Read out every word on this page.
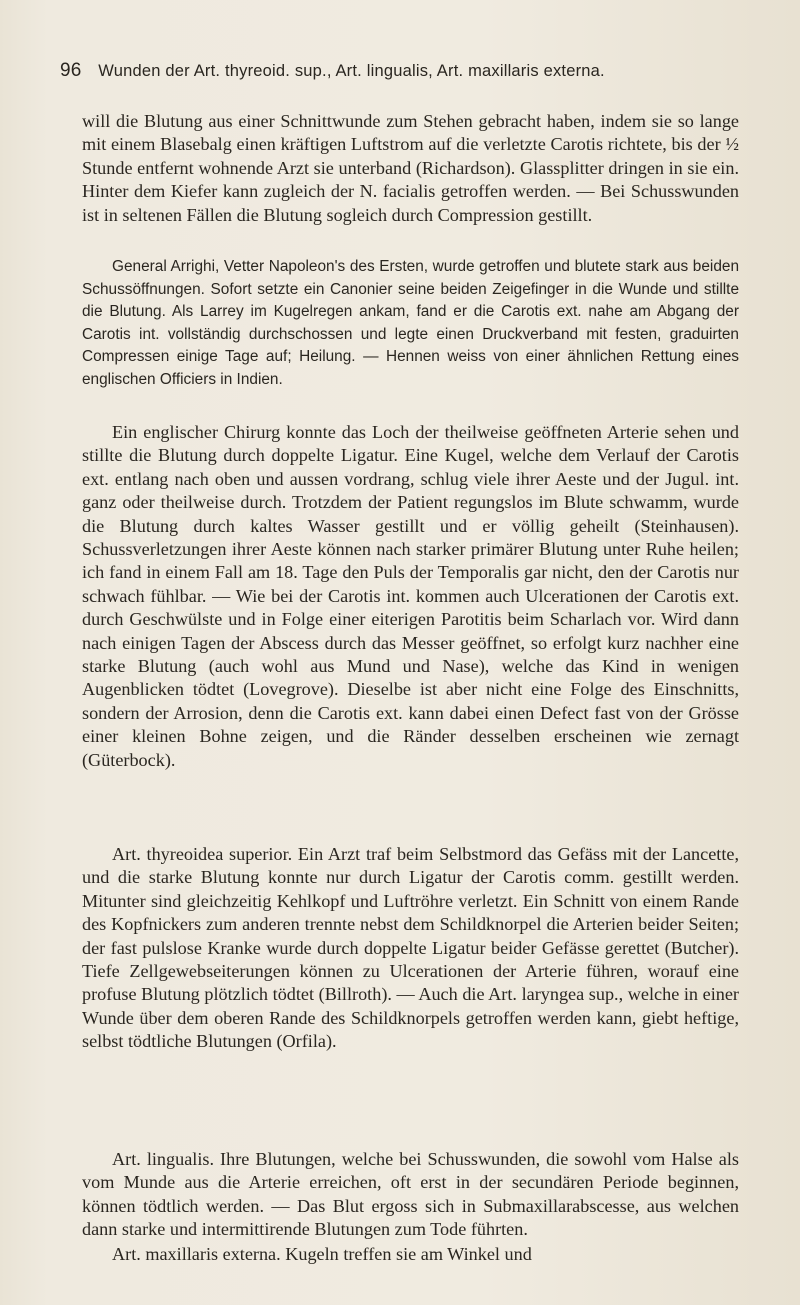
96 Wunden der Art. thyreoid. sup., Art. lingualis, Art. maxillaris externa.

will die Blutung aus einer Schnittwunde zum Stehen gebracht haben, indem sie so lange mit einem Blasebalg einen kräftigen Luftstrom auf die verletzte Carotis richtete, bis der ½ Stunde entfernt wohnende Arzt sie unterband (Richardson). Glassplitter dringen in sie ein. Hinter dem Kiefer kann zugleich der N. facialis getroffen werden. — Bei Schusswunden ist in seltenen Fällen die Blutung sogleich durch Compression gestillt.

General Arrighi, Vetter Napoleon's des Ersten, wurde getroffen und blutete stark aus beiden Schussöffnungen. Sofort setzte ein Canonier seine beiden Zeigefinger in die Wunde und stillte die Blutung. Als Larrey im Kugelregen ankam, fand er die Carotis ext. nahe am Abgang der Carotis int. vollständig durchschossen und legte einen Druckverband mit festen, graduirten Compressen einige Tage auf; Heilung. — Hennen weiss von einer ähnlichen Rettung eines englischen Officiers in Indien.

Ein englischer Chirurg konnte das Loch der theilweise geöffneten Arterie sehen und stillte die Blutung durch doppelte Ligatur. Eine Kugel, welche dem Verlauf der Carotis ext. entlang nach oben und aussen vordrang, schlug viele ihrer Aeste und der Jugul. int. ganz oder theilweise durch. Trotzdem der Patient regungslos im Blute schwamm, wurde die Blutung durch kaltes Wasser gestillt und er völlig geheilt (Steinhausen). Schussverletzungen ihrer Aeste können nach starker primärer Blutung unter Ruhe heilen; ich fand in einem Fall am 18. Tage den Puls der Temporalis gar nicht, den der Carotis nur schwach fühlbar. — Wie bei der Carotis int. kommen auch Ulcerationen der Carotis ext. durch Geschwülste und in Folge einer eiterigen Parotitis beim Scharlach vor. Wird dann nach einigen Tagen der Abscess durch das Messer geöffnet, so erfolgt kurz nachher eine starke Blutung (auch wohl aus Mund und Nase), welche das Kind in wenigen Augenblicken tödtet (Lovegrove). Dieselbe ist aber nicht eine Folge des Einschnitts, sondern der Arrosion, denn die Carotis ext. kann dabei einen Defect fast von der Grösse einer kleinen Bohne zeigen, und die Ränder desselben erscheinen wie zernagt (Güterbock).

Art. thyreoidea superior. Ein Arzt traf beim Selbstmord das Gefäss mit der Lancette, und die starke Blutung konnte nur durch Ligatur der Carotis comm. gestillt werden. Mitunter sind gleichzeitig Kehlkopf und Luftröhre verletzt. Ein Schnitt von einem Rande des Kopfnickers zum anderen trennte nebst dem Schildknorpel die Arterien beider Seiten; der fast pulslose Kranke wurde durch doppelte Ligatur beider Gefässe gerettet (Butcher). Tiefe Zellgewebseiterungen können zu Ulcerationen der Arterie führen, worauf eine profuse Blutung plötzlich tödtet (Billroth). — Auch die Art. laryngea sup., welche in einer Wunde über dem oberen Rande des Schildknorpels getroffen werden kann, giebt heftige, selbst tödtliche Blutungen (Orfila).

Art. lingualis. Ihre Blutungen, welche bei Schusswunden, die sowohl vom Halse als vom Munde aus die Arterie erreichen, oft erst in der secundären Periode beginnen, können tödtlich werden. — Das Blut ergoss sich in Submaxillarabscesse, aus welchen dann starke und intermittirende Blutungen zum Tode führten.

Art. maxillaris externa. Kugeln treffen sie am Winkel und
